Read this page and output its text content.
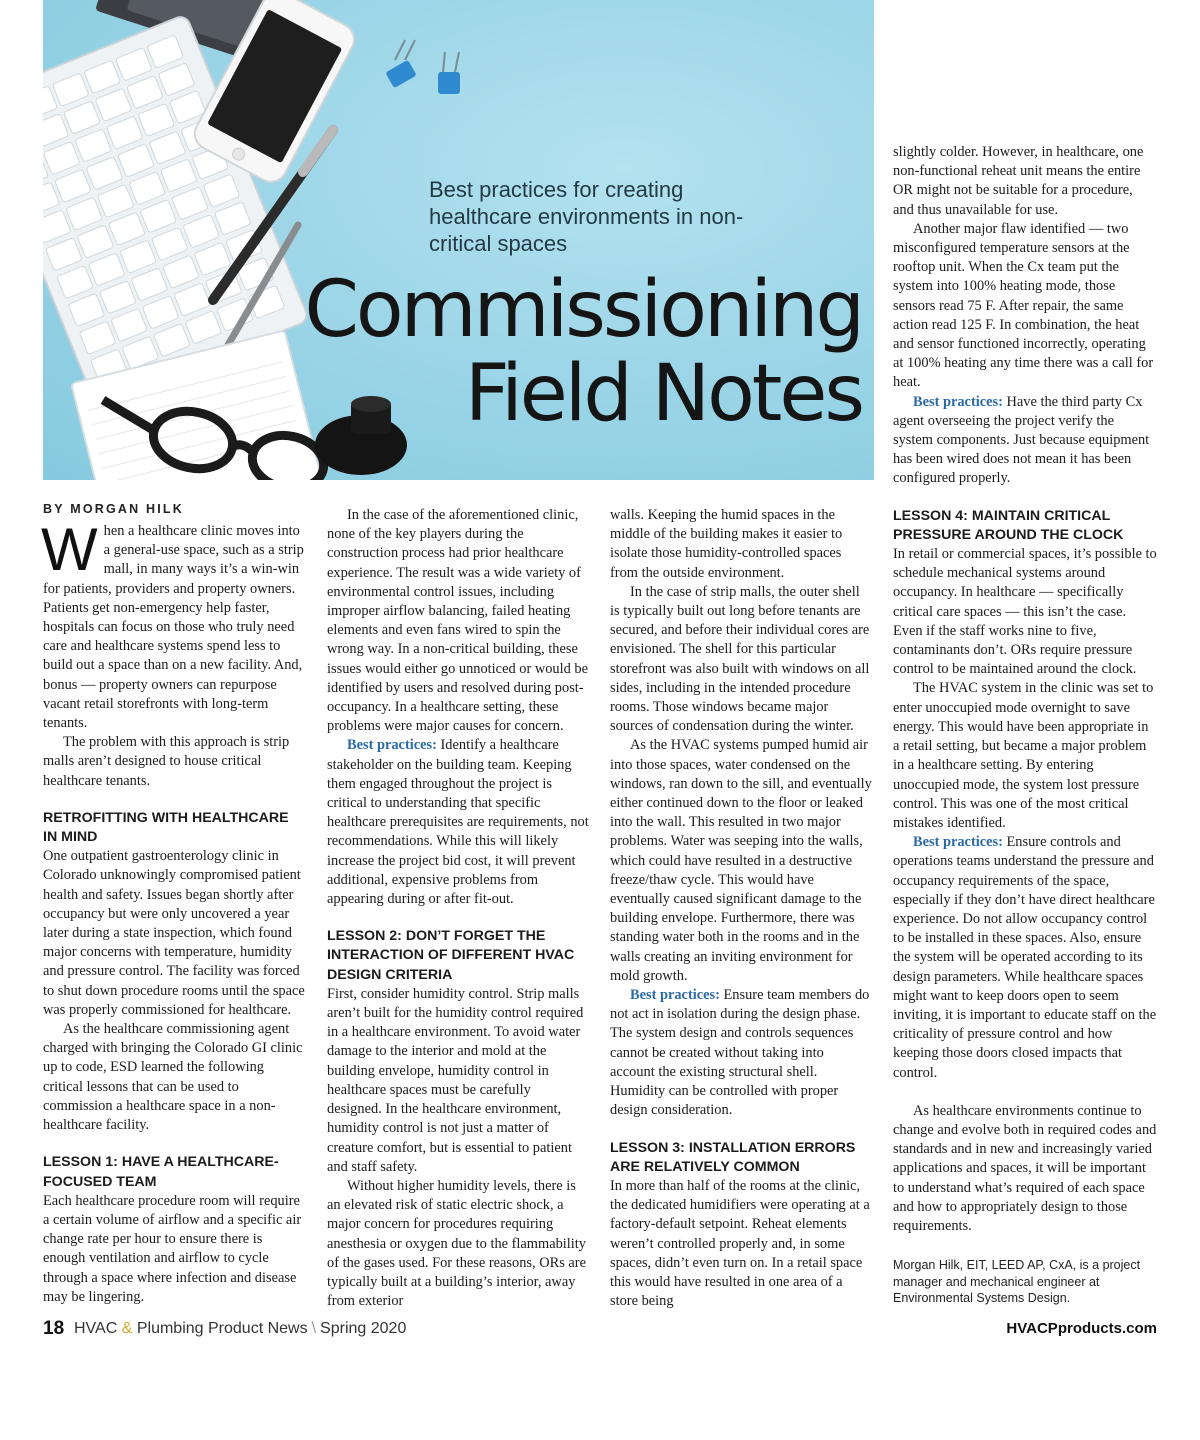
Best practices for creating healthcare environments in non-critical spaces
Commissioning
Field Notes
BY MORGAN HILK

When a healthcare clinic moves into a general-use space, such as a strip mall, in many ways it’s a win-win for patients, providers and property owners. Patients get non-emergency help faster, hospitals can focus on those who truly need care and healthcare systems spend less to build out a space than on a new facility. And, bonus — property owners can repurpose vacant retail storefronts with long-term tenants.

The problem with this approach is strip malls aren’t designed to house critical healthcare tenants.

RETROFITTING WITH HEALTHCARE IN MIND

One outpatient gastroenterology clinic in Colorado unknowingly compromised patient health and safety. Issues began shortly after occupancy but were only uncovered a year later during a state inspection, which found major concerns with temperature, humidity and pressure control. The facility was forced to shut down procedure rooms until the space was properly commissioned for healthcare.

As the healthcare commissioning agent charged with bringing the Colorado GI clinic up to code, ESD learned the following critical lessons that can be used to commission a healthcare space in a non-healthcare facility.

LESSON 1: HAVE A HEALTHCARE-FOCUSED TEAM

Each healthcare procedure room will require a certain volume of airflow and a specific air change rate per hour to ensure there is enough ventilation and airflow to cycle through a space where infection and disease may be lingering.

In the case of the aforementioned clinic, none of the key players during the construction process had prior healthcare experience. The result was a wide variety of environmental control issues, including improper airflow balancing, failed heating elements and even fans wired to spin the wrong way. In a non-critical building, these issues would either go unnoticed or would be identified by users and resolved during post-occupancy. In a healthcare setting, these problems were major causes for concern.

Best practices: Identify a healthcare stakeholder on the building team. Keeping them engaged throughout the project is critical to understanding that specific healthcare prerequisites are requirements, not recommendations. While this will likely increase the project bid cost, it will prevent additional, expensive problems from appearing during or after fit-out.

LESSON 2: DON’T FORGET THE INTERACTION OF DIFFERENT HVAC DESIGN CRITERIA

First, consider humidity control. Strip malls aren’t built for the humidity control required in a healthcare environment. To avoid water damage to the interior and mold at the building envelope, humidity control in healthcare spaces must be carefully designed. In the healthcare environment, humidity control is not just a matter of creature comfort, but is essential to patient and staff safety.

Without higher humidity levels, there is an elevated risk of static electric shock, a major concern for procedures requiring anesthesia or oxygen due to the flammability of the gases used. For these reasons, ORs are typically built at a building’s interior, away from exterior

walls. Keeping the humid spaces in the middle of the building makes it easier to isolate those humidity-controlled spaces from the outside environment.

In the case of strip malls, the outer shell is typically built out long before tenants are secured, and before their individual cores are envisioned. The shell for this particular storefront was also built with windows on all sides, including in the intended procedure rooms. Those windows became major sources of condensation during the winter.

As the HVAC systems pumped humid air into those spaces, water condensed on the windows, ran down to the sill, and eventually either continued down to the floor or leaked into the wall. This resulted in two major problems. Water was seeping into the walls, which could have resulted in a destructive freeze/thaw cycle. This would have eventually caused significant damage to the building envelope. Furthermore, there was standing water both in the rooms and in the walls creating an inviting environment for mold growth.

Best practices: Ensure team members do not act in isolation during the design phase. The system design and controls sequences cannot be created without taking into account the existing structural shell. Humidity can be controlled with proper design consideration.

LESSON 3: INSTALLATION ERRORS ARE RELATIVELY COMMON

In more than half of the rooms at the clinic, the dedicated humidifiers were operating at a factory-default setpoint. Reheat elements weren’t controlled properly and, in some spaces, didn’t even turn on. In a retail space this would have resulted in one area of a store being

slightly colder. However, in healthcare, one non-functional reheat unit means the entire OR might not be suitable for a procedure, and thus unavailable for use.

Another major flaw identified — two misconfigured temperature sensors at the rooftop unit. When the Cx team put the system into 100% heating mode, those sensors read 75 F. After repair, the same action read 125 F. In combination, the heat and sensor functioned incorrectly, operating at 100% heating any time there was a call for heat.

Best practices: Have the third party Cx agent overseeing the project verify the system components. Just because equipment has been wired does not mean it has been configured properly.

LESSON 4: MAINTAIN CRITICAL PRESSURE AROUND THE CLOCK

In retail or commercial spaces, it’s possible to schedule mechanical systems around occupancy. In healthcare — specifically critical care spaces — this isn’t the case. Even if the staff works nine to five, contaminants don’t. ORs require pressure control to be maintained around the clock.

The HVAC system in the clinic was set to enter unoccupied mode overnight to save energy. This would have been appropriate in a retail setting, but became a major problem in a healthcare setting. By entering unoccupied mode, the system lost pressure control. This was one of the most critical mistakes identified.

Best practices: Ensure controls and operations teams understand the pressure and occupancy requirements of the space, especially if they don’t have direct healthcare experience. Do not allow occupancy control to be installed in these spaces. Also, ensure the system will be operated according to its design parameters. While healthcare spaces might want to keep doors open to seem inviting, it is important to educate staff on the criticality of pressure control and how keeping those doors closed impacts that control.

As healthcare environments continue to change and evolve both in required codes and standards and in new and increasingly varied applications and spaces, it will be important to understand what’s required of each space and how to appropriately design to those requirements.

Morgan Hilk, EIT, LEED AP, CxA, is a project manager and mechanical engineer at Environmental Systems Design.
18 HVAC & Plumbing Product News \ Spring 2020	HVACPproducts.com
